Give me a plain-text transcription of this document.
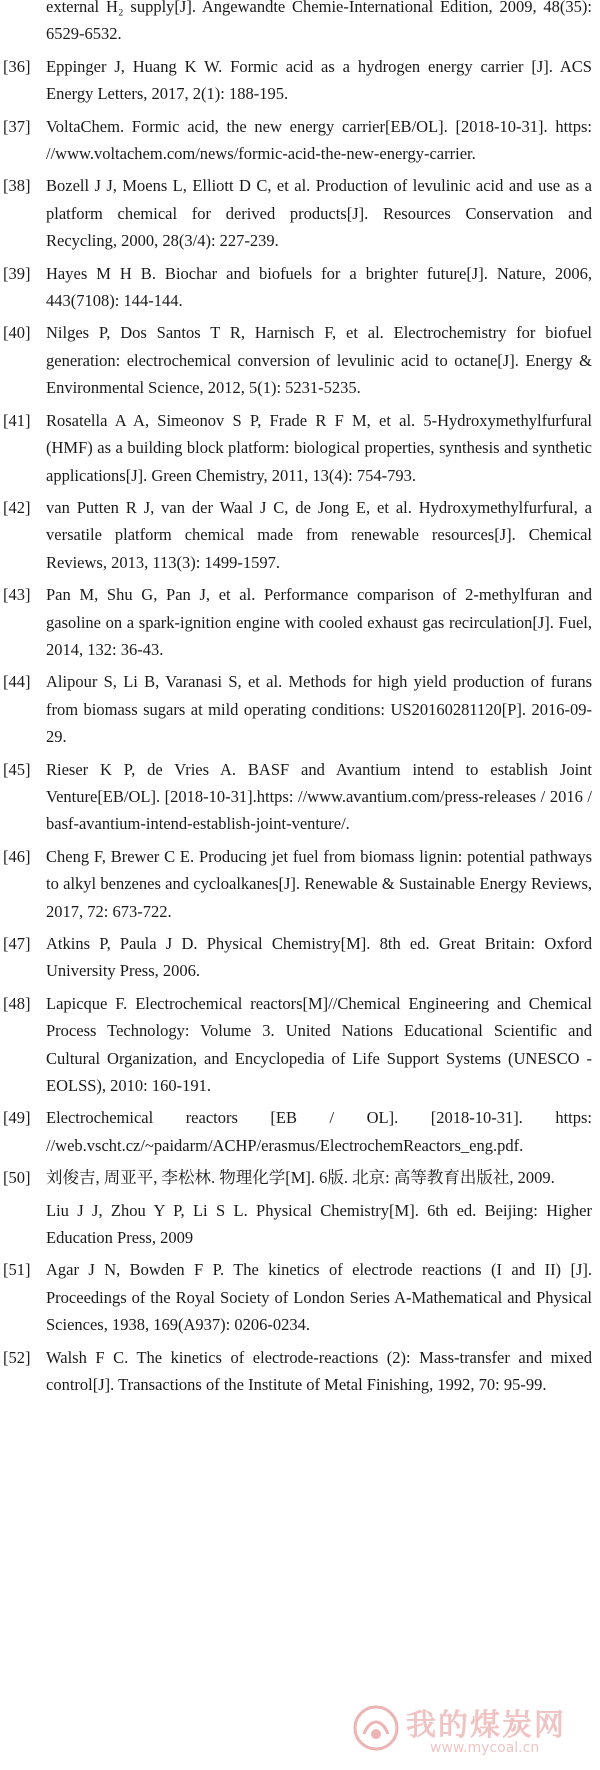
external H₂ supply[J]. Angewandte Chemie-International Edition, 2009, 48(35): 6529-6532.
[36] Eppinger J, Huang K W. Formic acid as a hydrogen energy carrier [J]. ACS Energy Letters, 2017, 2(1): 188-195.
[37] VoltaChem. Formic acid, the new energy carrier[EB/OL]. [2018-10-31]. https: //www.voltachem.com/news/formic-acid-the-new-energy-carrier.
[38] Bozell J J, Moens L, Elliott D C, et al. Production of levulinic acid and use as a platform chemical for derived products[J]. Resources Conservation and Recycling, 2000, 28(3/4): 227-239.
[39] Hayes M H B. Biochar and biofuels for a brighter future[J]. Nature, 2006, 443(7108): 144-144.
[40] Nilges P, Dos Santos T R, Harnisch F, et al. Electrochemistry for biofuel generation: electrochemical conversion of levulinic acid to octane[J]. Energy & Environmental Science, 2012, 5(1): 5231-5235.
[41] Rosatella A A, Simeonov S P, Frade R F M, et al. 5-Hydroxymethylfurfural (HMF) as a building block platform: biological properties, synthesis and synthetic applications[J]. Green Chemistry, 2011, 13(4): 754-793.
[42] van Putten R J, van der Waal J C, de Jong E, et al. Hydroxymethylfurfural, a versatile platform chemical made from renewable resources[J]. Chemical Reviews, 2013, 113(3): 1499-1597.
[43] Pan M, Shu G, Pan J, et al. Performance comparison of 2-methylfuran and gasoline on a spark-ignition engine with cooled exhaust gas recirculation[J]. Fuel, 2014, 132: 36-43.
[44] Alipour S, Li B, Varanasi S, et al. Methods for high yield production of furans from biomass sugars at mild operating conditions: US20160281120[P]. 2016-09-29.
[45] Rieser K P, de Vries A. BASF and Avantium intend to establish Joint Venture[EB/OL]. [2018-10-31].https: //www.avantium.com/press-releases / 2016 / basf-avantium-intend-establish-joint-venture/.
[46] Cheng F, Brewer C E. Producing jet fuel from biomass lignin: potential pathways to alkyl benzenes and cycloalkanes[J]. Renewable & Sustainable Energy Reviews, 2017, 72: 673-722.
[47] Atkins P, Paula J D. Physical Chemistry[M]. 8th ed. Great Britain: Oxford University Press, 2006.
[48] Lapicque F. Electrochemical reactors[M]//Chemical Engineering and Chemical Process Technology: Volume 3. United Nations Educational Scientific and Cultural Organization, and Encyclopedia of Life Support Systems (UNESCO - EOLSS), 2010: 160-191.
[49] Electrochemical reactors [EB / OL]. [2018-10-31]. https: //web.vscht.cz/~paidarm/ACHP/erasmus/ElectrochemReactors_eng.pdf.
[50] 刘俊吉, 周亚平, 李松林. 物理化学[M]. 6版. 北京: 高等教育出版社, 2009.
Liu J J, Zhou Y P, Li S L. Physical Chemistry[M]. 6th ed. Beijing: Higher Education Press, 2009
[51] Agar J N, Bowden F P. The kinetics of electrode reactions (I and II) [J]. Proceedings of the Royal Society of London Series A-Mathematical and Physical Sciences, 1938, 169(A937): 0206-0234.
[52] Walsh F C. The kinetics of electrode-reactions (2): Mass-transfer and mixed control[J]. Transactions of the Institute of Metal Finishing, 1992, 70: 95-99.
我的煤炭网
www.mycoal.cn
